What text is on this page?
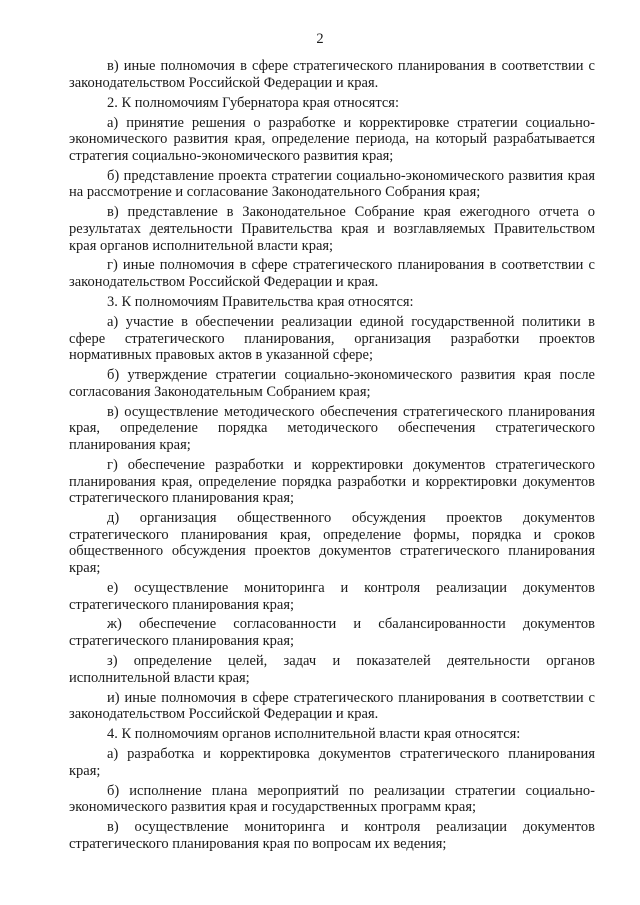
2

в) иные полномочия в сфере стратегического планирования в соответствии с законодательством Российской Федерации и края.

2. К полномочиям Губернатора края относятся:

а) принятие решения о разработке и корректировке стратегии социально-экономического развития края, определение периода, на который разрабатывается стратегия социально-экономического развития края;

б) представление проекта стратегии социально-экономического развития края на рассмотрение и согласование Законодательного Собрания края;

в) представление в Законодательное Собрание края ежегодного отчета о результатах деятельности Правительства края и возглавляемых Правительством края органов исполнительной власти края;

г) иные полномочия в сфере стратегического планирования в соответствии с законодательством Российской Федерации и края.

3. К полномочиям Правительства края относятся:

а) участие в обеспечении реализации единой государственной политики в сфере стратегического планирования, организация разработки проектов нормативных правовых актов в указанной сфере;

б) утверждение стратегии социально-экономического развития края после согласования Законодательным Собранием края;

в) осуществление методического обеспечения стратегического планирования края, определение порядка методического обеспечения стратегического планирования края;

г) обеспечение разработки и корректировки документов стратегического планирования края, определение порядка разработки и корректировки документов стратегического планирования края;

д) организация общественного обсуждения проектов документов стратегического планирования края, определение формы, порядка и сроков общественного обсуждения проектов документов стратегического планирования края;

е) осуществление мониторинга и контроля реализации документов стратегического планирования края;

ж) обеспечение согласованности и сбалансированности документов стратегического планирования края;

з) определение целей, задач и показателей деятельности органов исполнительной власти края;

и) иные полномочия в сфере стратегического планирования в соответствии с законодательством Российской Федерации и края.

4. К полномочиям органов исполнительной власти края относятся:

а) разработка и корректировка документов стратегического планирования края;

б) исполнение плана мероприятий по реализации стратегии социально-экономического развития края и государственных программ края;

в) осуществление мониторинга и контроля реализации документов стратегического планирования края по вопросам их ведения;
